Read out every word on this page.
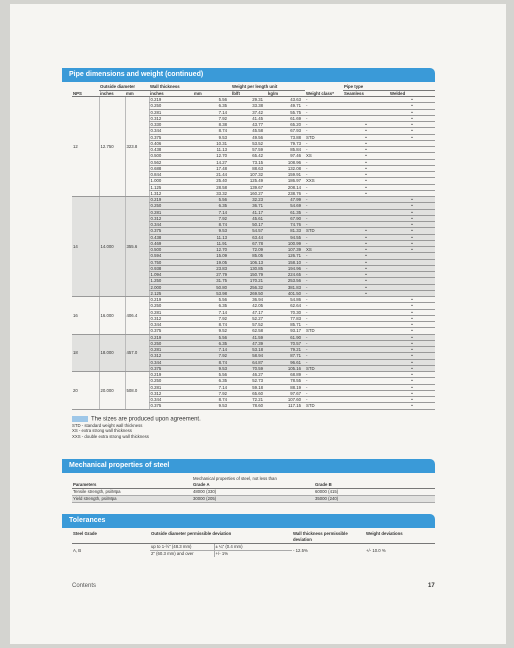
Pipe dimensions and weight (continued)
NPS	Outside diameter		Wall thickness		Weight per length unit		Weight class*	Pipe type	
	inches	mm	inches	mm	lb/ft	kg/m		Seamless	Welded
12	12.750	323.8	0.219	5.56	29.31	43.63	-		•
			0.250	6.35	33.38	49.71	-		•
			0.281	7.14	37.42	55.75	-		•
			0.312	7.92	41.45	61.69	-		•
			0.330	8.38	43.77	65.20	-	•	•
			0.344	8.74	45.58	67.93	-	•	•
			0.375	9.53	49.56	73.88	STD	•	•
			0.406	10.31	53.52	79.73	-	•	
			0.438	11.13	57.59	85.84	-	•	
			0.500	12.70	65.42	97.46	XS	•	
			0.562	14.27	73.15	108.96	-	•	
			0.688	17.48	88.63	132.08	-	•	
			0.844	21.44	107.32	159.91	-	•	
			1.000	25.40	125.49	186.97	XXS	•	
			1.125	28.58	139.67	208.14	-	•	
			1.312	33.32	160.27	238.76	-	•	
14	14.000	355.6	0.219	5.56	32.23	47.99	-		•
			0.250	6.35	36.71	54.69	-		•
			0.281	7.14	41.17	61.35	-		•
			0.312	7.92	45.61	67.90	-		•
			0.344	8.74	50.17	74.76	-		•
			0.375	9.53	54.57	81.33	STD	•	•
			0.438	11.13	63.44	94.55	-	•	•
			0.469	11.91	67.78	100.99	-	•	•
			0.500	12.70	72.09	107.39	XS	•	•
			0.594	15.09	85.05	126.71	-	•	
			0.750	19.05	106.13	158.10	-	•	
			0.938	23.83	130.85	194.96	-	•	
			1.094	27.79	150.79	224.65	-	•	
			1.250	31.75	170.21	253.56	-	•	
			2.000	50.80	256.32	381.83	-	•	
			2.125	53.98	269.50	401.50	-	•	
16	16.000	406.4	0.219	5.56	36.94	54.86	-		•
			0.250	6.35	42.05	62.64	-		•
			0.281	7.14	47.17	70.30	-		•
			0.312	7.92	52.27	77.83	-		•
			0.344	8.74	57.52	85.71	-		•
			0.375	9.52	62.58	93.17	STD		•
18	18.000	457.0	0.219	5.56	41.59	61.90	-		•
			0.250	6.35	47.39	70.57	-		•
			0.281	7.14	53.18	79.21	-		•
			0.312	7.92	58.94	87.71	-		•
			0.344	8.74	64.87	96.61	-		•
			0.375	9.53	70.59	105.16	STD		•
20	20.000	508.0	0.219	5.56	46.27	68.89	-		•
			0.250	6.35	52.73	78.55	-		•
			0.281	7.14	59.18	88.19	-		•
			0.312	7.92	65.60	97.67	-		•
			0.344	8.74	72.21	107.60	-		•
			0.375	9.53	78.60	117.15	STD		•
The sizes are produced upon agreement.
STD - standard weight wall thickness
XS - extra strong wall thickness
XXS - double extra strong wall thickness
Mechanical properties of steel
	Mechanical properties of steel, not less than	
Parameters	Grade A	Grade B
Tensile strength, psi/Mpa	48000 (330)	60000 (415)
Yield strength, psi/Mpa	30000 (205)	35000 (240)
Tolerances
Steel Grade	Outside diameter permissible deviation		Wall thickness permissible deviation	Weight deviations
A, B	up to 1-½" (48.3 mm)	± ¼" (0.4 mm)	- 12.5%	+/- 10.0 %
	2" (60.3 mm) and over	+/- 1%		
Contents	17
